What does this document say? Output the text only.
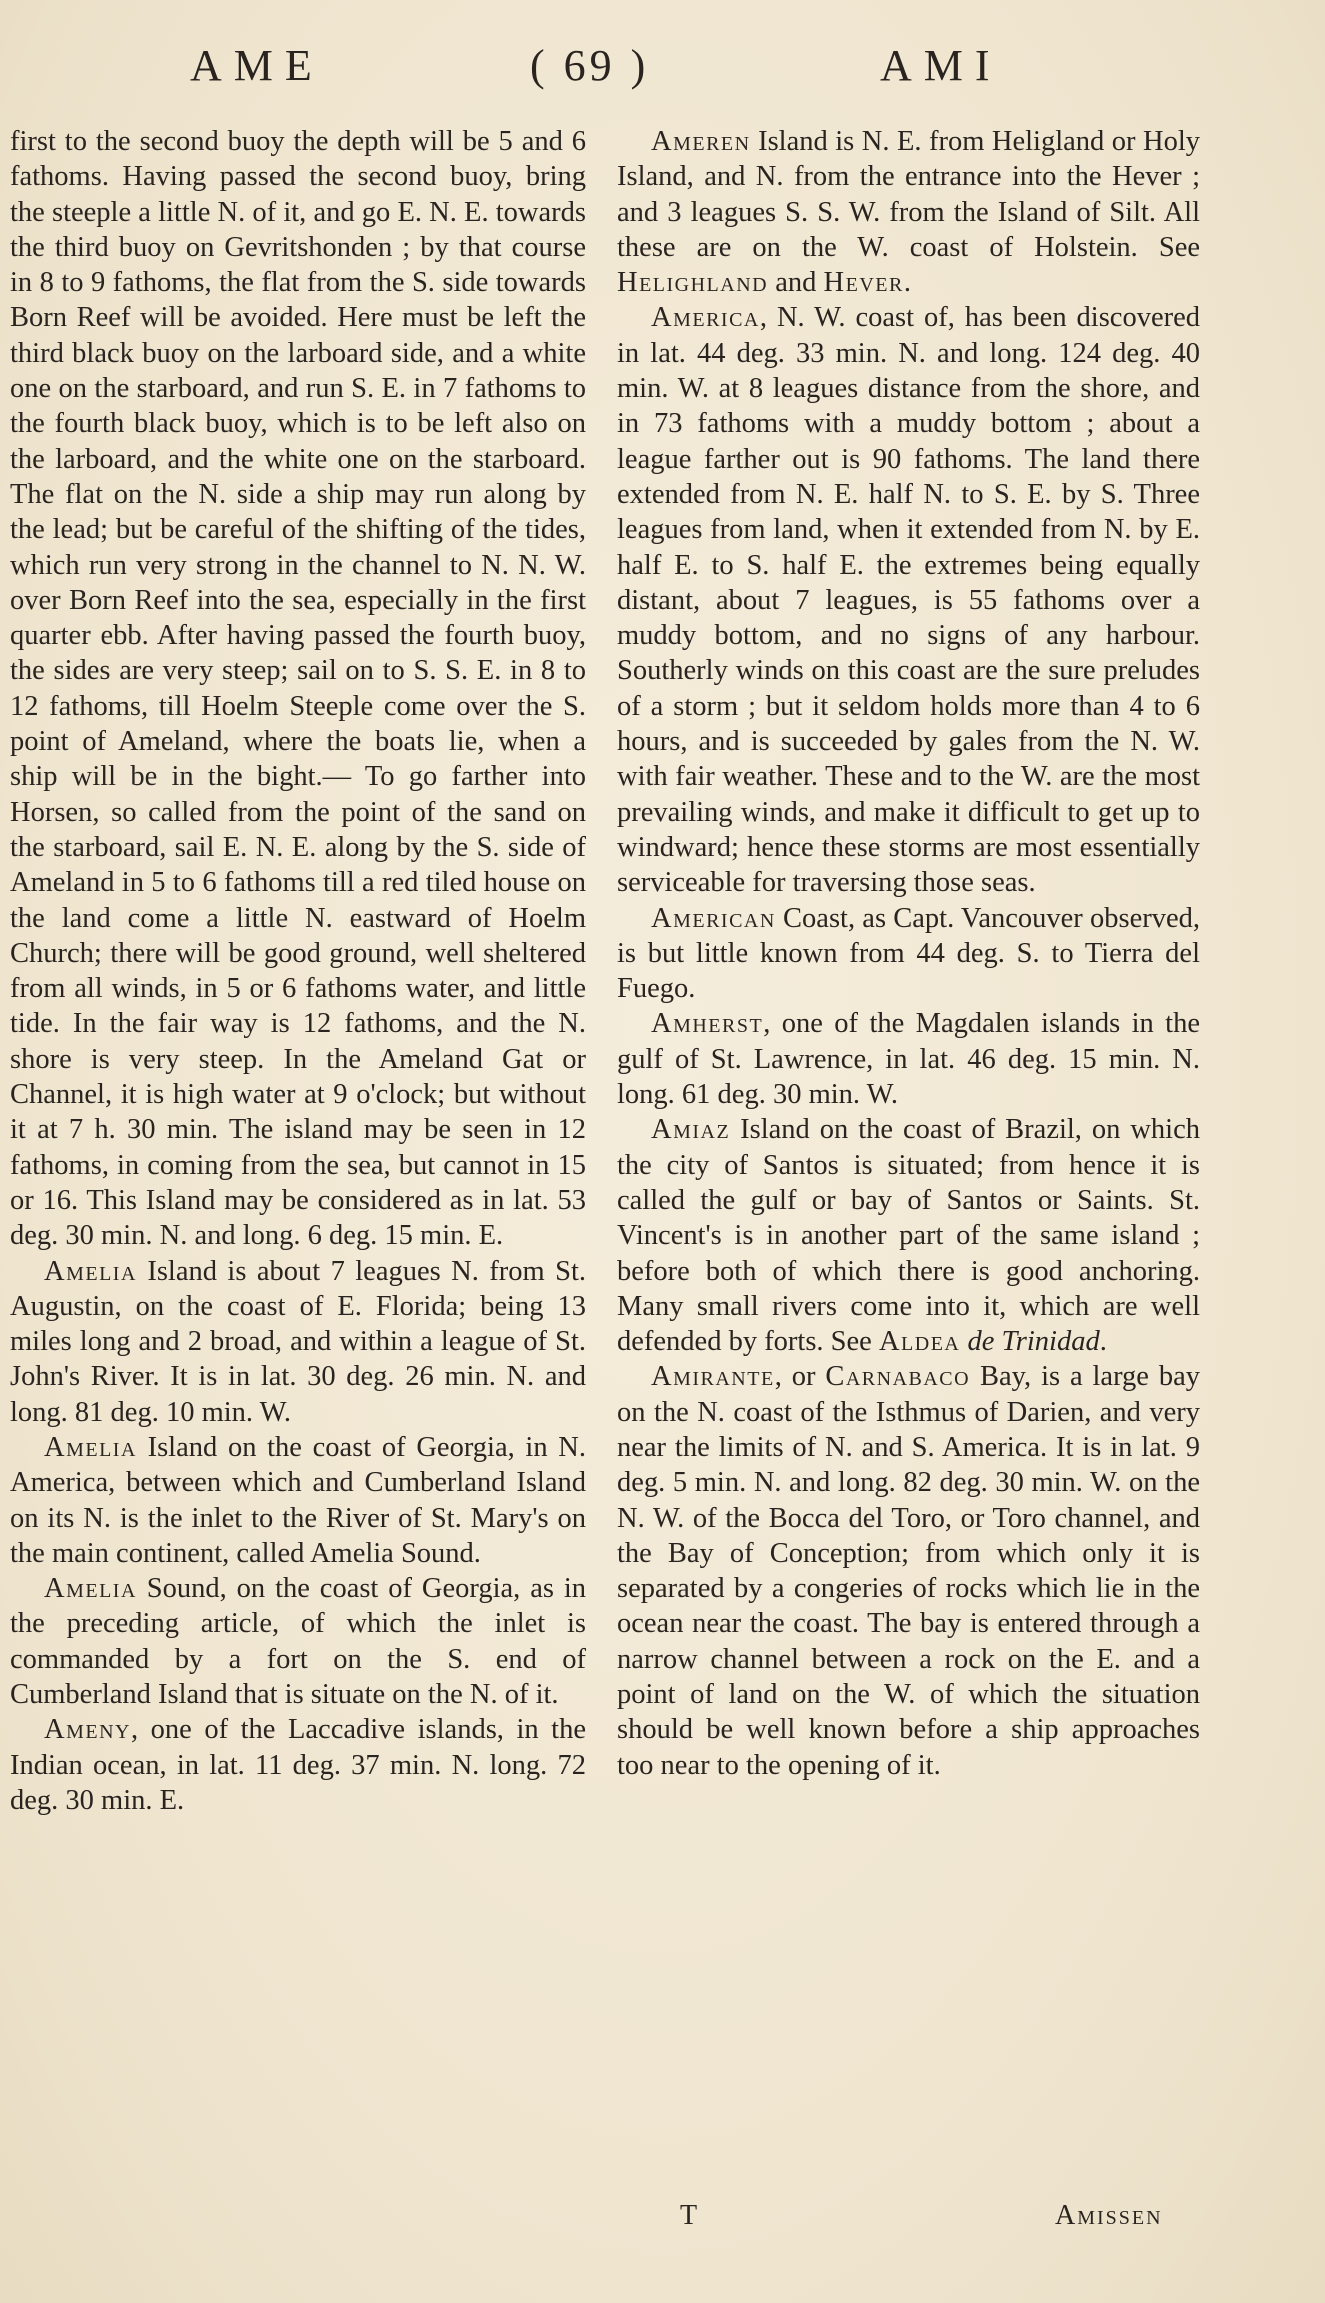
AME	( 69 )	AMI

first to the second buoy the depth will be 5 and 6 fathoms. Having passed the second buoy, bring the steeple a little N. of it, and go E. N. E. towards the third buoy on Gevritshonden ; by that course in 8 to 9 fathoms, the flat from the S. side towards Born Reef will be avoided. Here must be left the third black buoy on the larboard side, and a white one on the starboard, and run S. E. in 7 fathoms to the fourth black buoy, which is to be left also on the larboard, and the white one on the starboard. The flat on the N. side a ship may run along by the lead; but be careful of the shifting of the tides, which run very strong in the channel to N. N. W. over Born Reef into the sea, especially in the first quarter ebb. After having passed the fourth buoy, the sides are very steep; sail on to S. S. E. in 8 to 12 fathoms, till Hoelm Steeple come over the S. point of Ameland, where the boats lie, when a ship will be in the bight.— To go farther into Horsen, so called from the point of the sand on the starboard, sail E. N. E. along by the S. side of Ameland in 5 to 6 fathoms till a red tiled house on the land come a little N. eastward of Hoelm Church; there will be good ground, well sheltered from all winds, in 5 or 6 fathoms water, and little tide. In the fair way is 12 fathoms, and the N. shore is very steep. In the Ameland Gat or Channel, it is high water at 9 o'clock; but without it at 7 h. 30 min. The island may be seen in 12 fathoms, in coming from the sea, but cannot in 15 or 16. This Island may be considered as in lat. 53 deg. 30 min. N. and long. 6 deg. 15 min. E.

Amelia Island is about 7 leagues N. from St. Augustin, on the coast of E. Florida; being 13 miles long and 2 broad, and within a league of St. John's River. It is in lat. 30 deg. 26 min. N. and long. 81 deg. 10 min. W.

Amelia Island on the coast of Georgia, in N. America, between which and Cumberland Island on its N. is the inlet to the River of St. Mary's on the main continent, called Amelia Sound.

Amelia Sound, on the coast of Georgia, as in the preceding article, of which the inlet is commanded by a fort on the S. end of Cumberland Island that is situate on the N. of it.

Ameny, one of the Laccadive islands, in the Indian ocean, in lat. 11 deg. 37 min. N. long. 72 deg. 30 min. E.

Ameren Island is N. E. from Heligland or Holy Island, and N. from the entrance into the Hever ; and 3 leagues S. S. W. from the Island of Silt. All these are on the W. coast of Holstein. See Helighland and Hever.

America, N. W. coast of, has been discovered in lat. 44 deg. 33 min. N. and long. 124 deg. 40 min. W. at 8 leagues distance from the shore, and in 73 fathoms with a muddy bottom ; about a league farther out is 90 fathoms. The land there extended from N. E. half N. to S. E. by S. Three leagues from land, when it extended from N. by E. half E. to S. half E. the extremes being equally distant, about 7 leagues, is 55 fathoms over a muddy bottom, and no signs of any harbour. Southerly winds on this coast are the sure preludes of a storm ; but it seldom holds more than 4 to 6 hours, and is succeeded by gales from the N. W. with fair weather. These and to the W. are the most prevailing winds, and make it difficult to get up to windward; hence these storms are most essentially serviceable for traversing those seas.

American Coast, as Capt. Vancouver observed, is but little known from 44 deg. S. to Tierra del Fuego.

Amherst, one of the Magdalen islands in the gulf of St. Lawrence, in lat. 46 deg. 15 min. N. long. 61 deg. 30 min. W.

Amiaz Island on the coast of Brazil, on which the city of Santos is situated; from hence it is called the gulf or bay of Santos or Saints. St. Vincent's is in another part of the same island ; before both of which there is good anchoring. Many small rivers come into it, which are well defended by forts. See Aldea de Trinidad.

Amirante, or Carnabaco Bay, is a large bay on the N. coast of the Isthmus of Darien, and very near the limits of N. and S. America. It is in lat. 9 deg. 5 min. N. and long. 82 deg. 30 min. W. on the N. W. of the Bocca del Toro, or Toro channel, and the Bay of Conception; from which only it is separated by a congeries of rocks which lie in the ocean near the coast. The bay is entered through a narrow channel between a rock on the E. and a point of land on the W. of which the situation should be well known before a ship approaches too near to the opening of it.

T	Amissen
